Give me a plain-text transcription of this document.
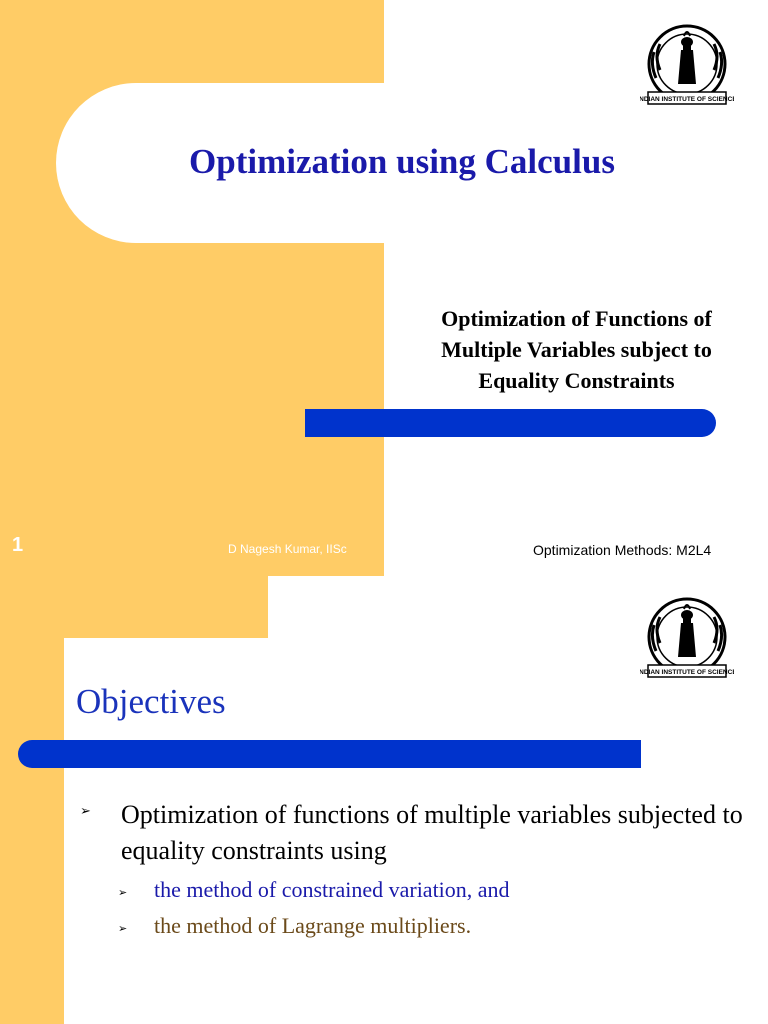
Optimization using Calculus
Optimization of Functions of Multiple Variables subject to Equality Constraints
1	D Nagesh Kumar, IISc	Optimization Methods: M2L4
INDIAN INSTITUTE OF SCIENCE
Objectives
➢ Optimization of functions of multiple variables subjected to equality constraints using
➢ the method of constrained variation, and
➢ the method of Lagrange multipliers.
INDIAN INSTITUTE OF SCIENCE
